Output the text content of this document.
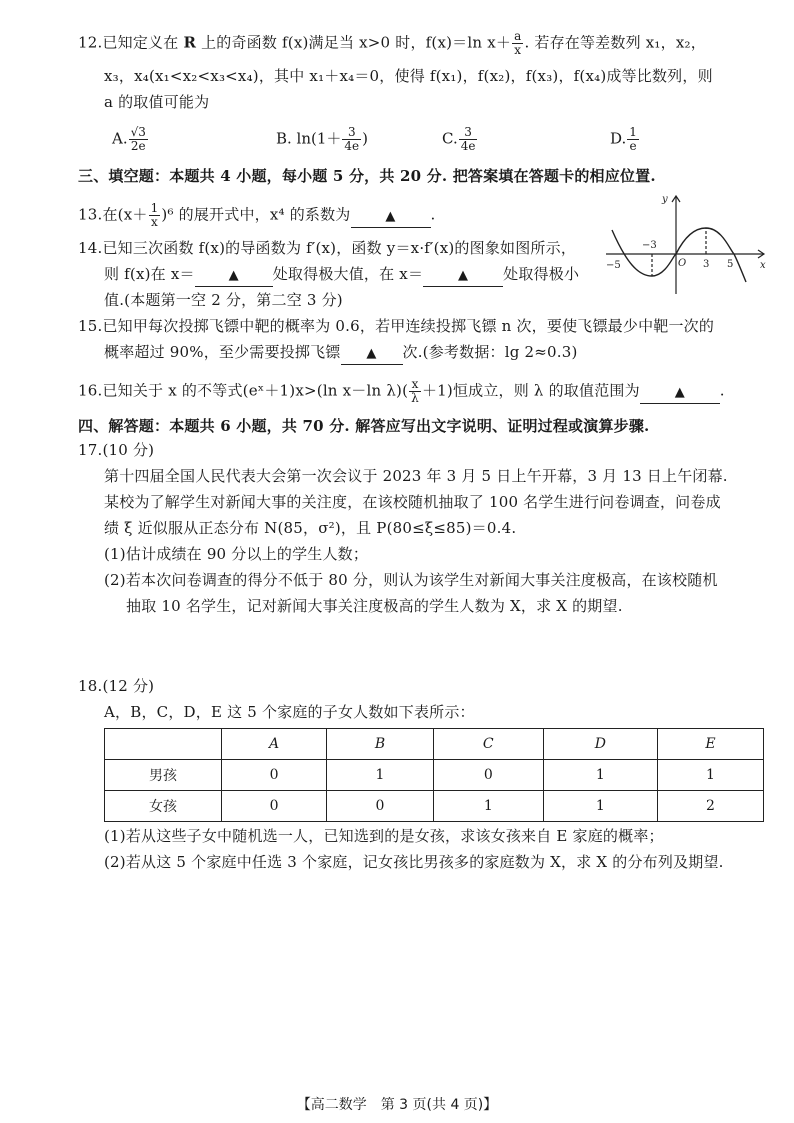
12.已知定义在 R 上的奇函数 f(x)满足当 x>0 时，f(x)＝ln $x+ \frac{a}{x}$ . 若存在等差数列 x₁，x₂，
x₃，x₄(x₁<x₂<x₃<x₄)，其中 x₁＋x₄＝0，使得 f(x₁)，f(x₂)，f(x₃)，f(x₄)成等比数列，则
a 的取值可能为
A. $\frac{√3}{2e}$	B. $\ln(1+ \frac{3}{4e}$ )	C. $\frac{3}{4e}$	D. $\frac{1}{e}$
三、填空题：本题共 4 小题，每小题 5 分，共 20 分. 把答案填在答题卡的相应位置.
13.在$(x+ \frac{1}{x} )^6$ 的展开式中，x⁴ 的系数为	▲ .
14.已知三次函数 f(x)的导函数为 f′(x)，函数 y＝x·f′(x)的图象如图所示，
则 f(x)在 x＝	▲ 处取得极大值，在 x＝	▲ 处取得极小
值.(本题第一空 2 分，第二空 3 分)
y
x
O
−5
−3
3 5
15.已知甲每次投掷飞镖中靶的概率为 0.6，若甲连续投掷飞镖 n 次，要使飞镖最少中靶一次的
概率超过 90%，至少需要投掷飞镖 ▲ 次.(参考数据：lg 2≈0.3)
16.已知关于 x 的不等式(eˣ＋1)x>(ln x－ln $\lambda)( \frac{x}{\lambda} +1)$恒成立，则 λ 的取值范围为	▲ .
四、解答题：本题共 6 小题，共 70 分. 解答应写出文字说明、证明过程或演算步骤.
17.(10 分)
第十四届全国人民代表大会第一次会议于 2023 年 3 月 5 日上午开幕，3 月 13 日上午闭幕.
某校为了解学生对新闻大事的关注度，在该校随机抽取了 100 名学生进行问卷调查，问卷成
绩 ξ 近似服从正态分布 N(85，σ²)，且 P(80≤ξ≤85)＝0.4.
(1)估计成绩在 90 分以上的学生人数；
(2)若本次问卷调查的得分不低于 80 分，则认为该学生对新闻大事关注度极高，在该校随机
抽取 10 名学生，记对新闻大事关注度极高的学生人数为 X，求 X 的期望.
18.(12 分)
A，B，C，D，E 这 5 个家庭的子女人数如下表所示：
	A	B	C	D	E
男孩	0	1	0	1	1
女孩	0	0	1	1	2
(1)若从这些子女中随机选一人，已知选到的是女孩，求该女孩来自 E 家庭的概率；
(2)若从这 5 个家庭中任选 3 个家庭，记女孩比男孩多的家庭数为 X，求 X 的分布列及期望.
【高二数学　第 3 页(共 4 页)】
